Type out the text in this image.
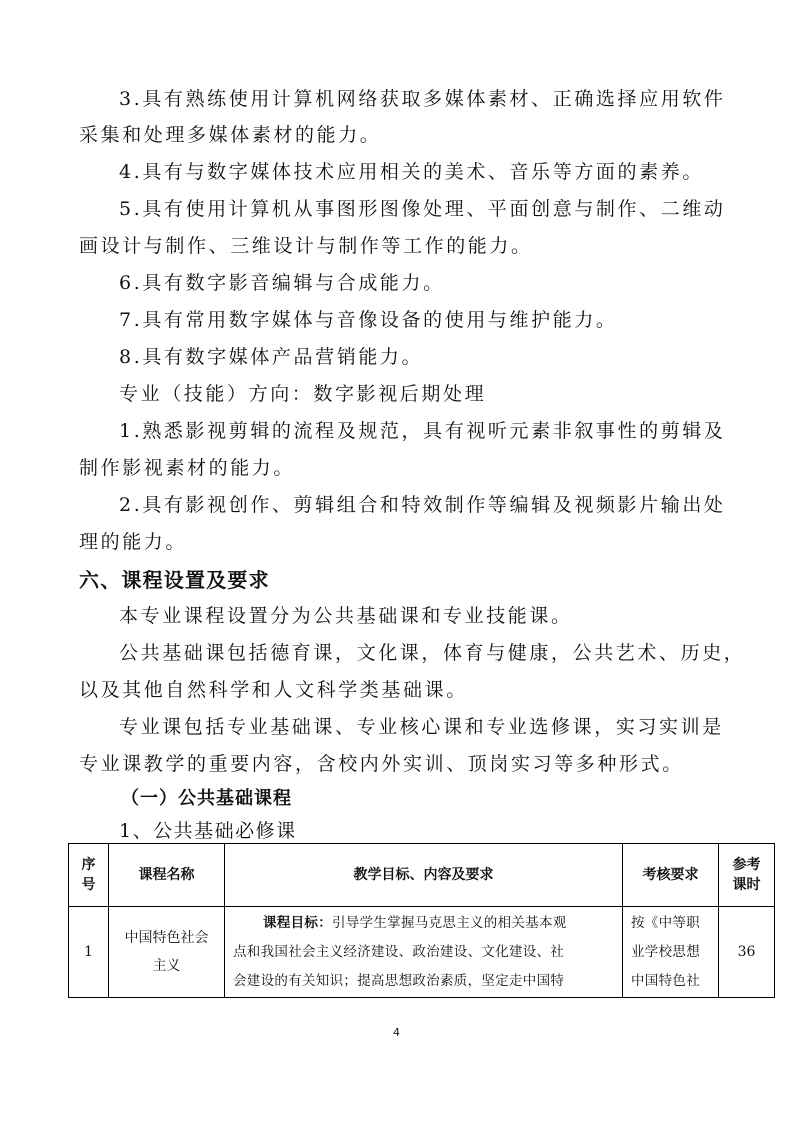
3.具有熟练使用计算机网络获取多媒体素材、正确选择应用软件
采集和处理多媒体素材的能力。
4.具有与数字媒体技术应用相关的美术、音乐等方面的素养。
5.具有使用计算机从事图形图像处理、平面创意与制作、二维动
画设计与制作、三维设计与制作等工作的能力。
6.具有数字影音编辑与合成能力。
7.具有常用数字媒体与音像设备的使用与维护能力。
8.具有数字媒体产品营销能力。
专业（技能）方向：数字影视后期处理
1.熟悉影视剪辑的流程及规范，具有视听元素非叙事性的剪辑及
制作影视素材的能力。
2.具有影视创作、剪辑组合和特效制作等编辑及视频影片输出处
理的能力。
六、课程设置及要求
本专业课程设置分为公共基础课和专业技能课。
公共基础课包括德育课，文化课，体育与健康，公共艺术、历史，
以及其他自然科学和人文科学类基础课。
专业课包括专业基础课、专业核心课和专业选修课，实习实训是
专业课教学的重要内容，含校内外实训、顶岗实习等多种形式。
（一）公共基础课程
1、公共基础必修课
序号	课程名称	教学目标、内容及要求	考核要求	参考课时

1	中国特色社会主义	课程目标：引导学生掌握马克思主义的相关基本观
点和我国社会主义经济建设、政治建设、文化建设、社
会建设的有关知识；提高思想政治素质，坚定走中国特	按《中等职
业学校思想
中国特色社	36
4
